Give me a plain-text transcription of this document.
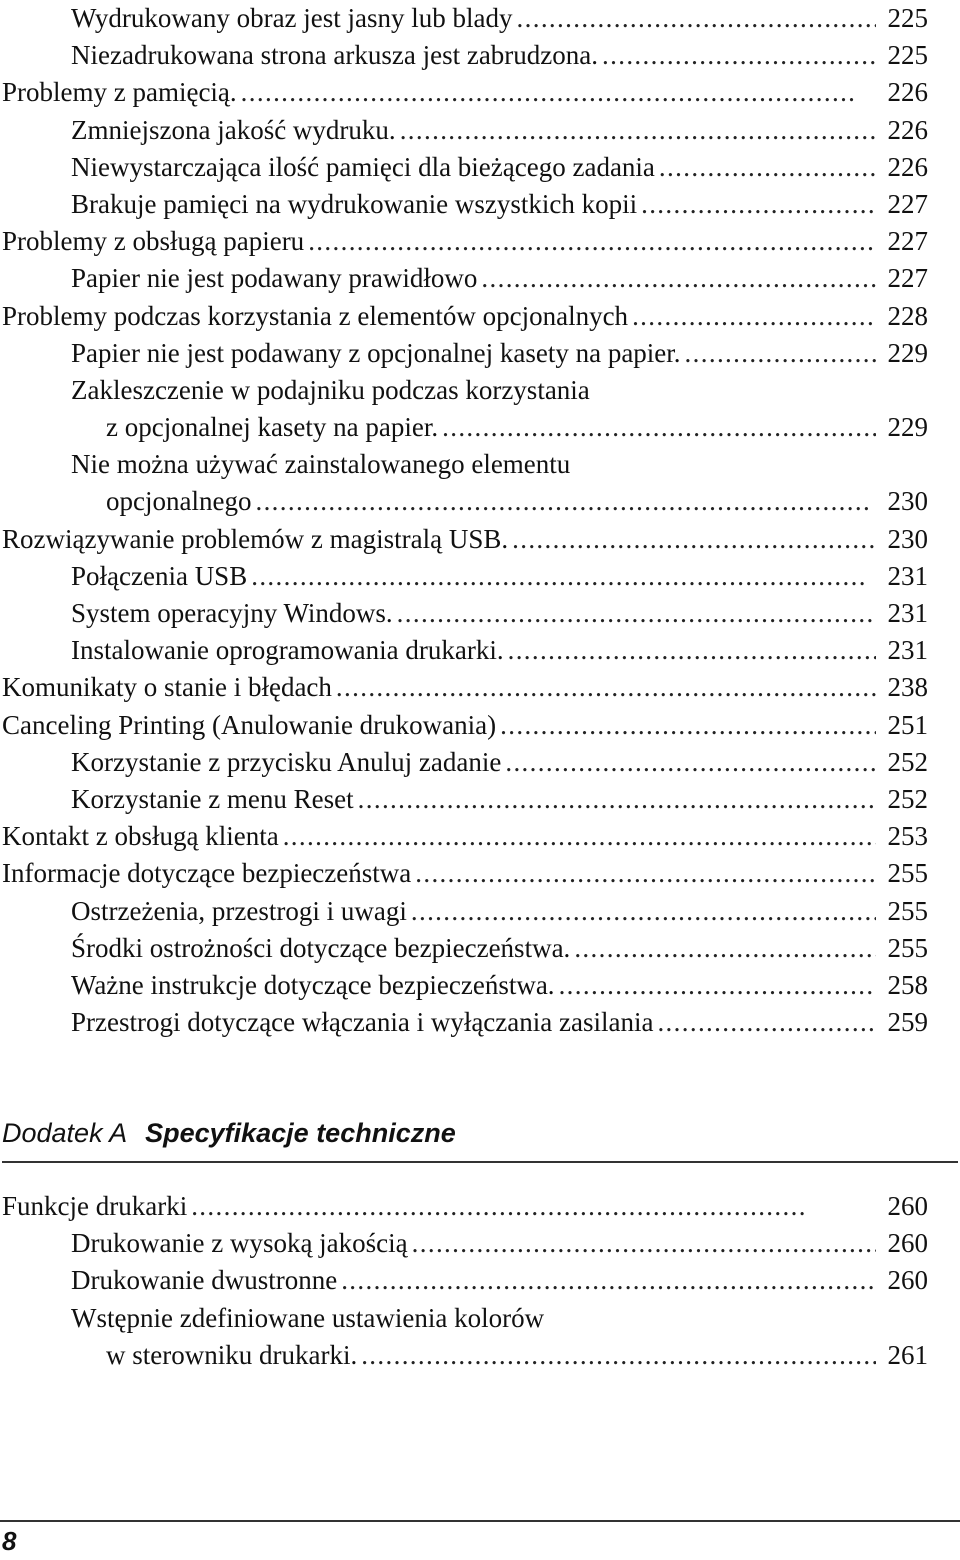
Wydrukowany obraz jest jasny lub blady . . .	225
Niezadrukowana strona arkusza jest zabrudzona. . . .	225
Problemy z pamięcią. . . .	226
Zmniejszona jakość wydruku. . . .	226
Niewystarczająca ilość pamięci dla bieżącego zadania . . .	226
Brakuje pamięci na wydrukowanie wszystkich kopii . . .	227
Problemy z obsługą papieru . . .	227
Papier nie jest podawany prawidłowo . . .	227
Problemy podczas korzystania z elementów opcjonalnych . . .	228
Papier nie jest podawany z opcjonalnej kasety na papier. . . .	229
Zakleszczenie w podajniku podczas korzystania
z opcjonalnej kasety na papier. . . .	229
Nie można używać zainstalowanego elementu
opcjonalnego . . .	230
Rozwiązywanie problemów z magistralą USB. . . .	230
Połączenia USB . . .	231
System operacyjny Windows. . . .	231
Instalowanie oprogramowania drukarki. . . .	231
Komunikaty o stanie i błędach . . .	238
Canceling Printing (Anulowanie drukowania) . . .	251
Korzystanie z przycisku Anuluj zadanie . . .	252
Korzystanie z menu Reset . . .	252
Kontakt z obsługą klienta . . .	253
Informacje dotyczące bezpieczeństwa . . .	255
Ostrzeżenia, przestrogi i uwagi . . .	255
Środki ostrożności dotyczące bezpieczeństwa. . . .	255
Ważne instrukcje dotyczące bezpieczeństwa. . . .	258
Przestrogi dotyczące włączania i wyłączania zasilania . . .	259
Dodatek A Specyfikacje techniczne
Funkcje drukarki . . .	260
Drukowanie z wysoką jakością . . .	260
Drukowanie dwustronne . . .	260
Wstępnie zdefiniowane ustawienia kolorów
w sterowniku drukarki. . . .	261
8
